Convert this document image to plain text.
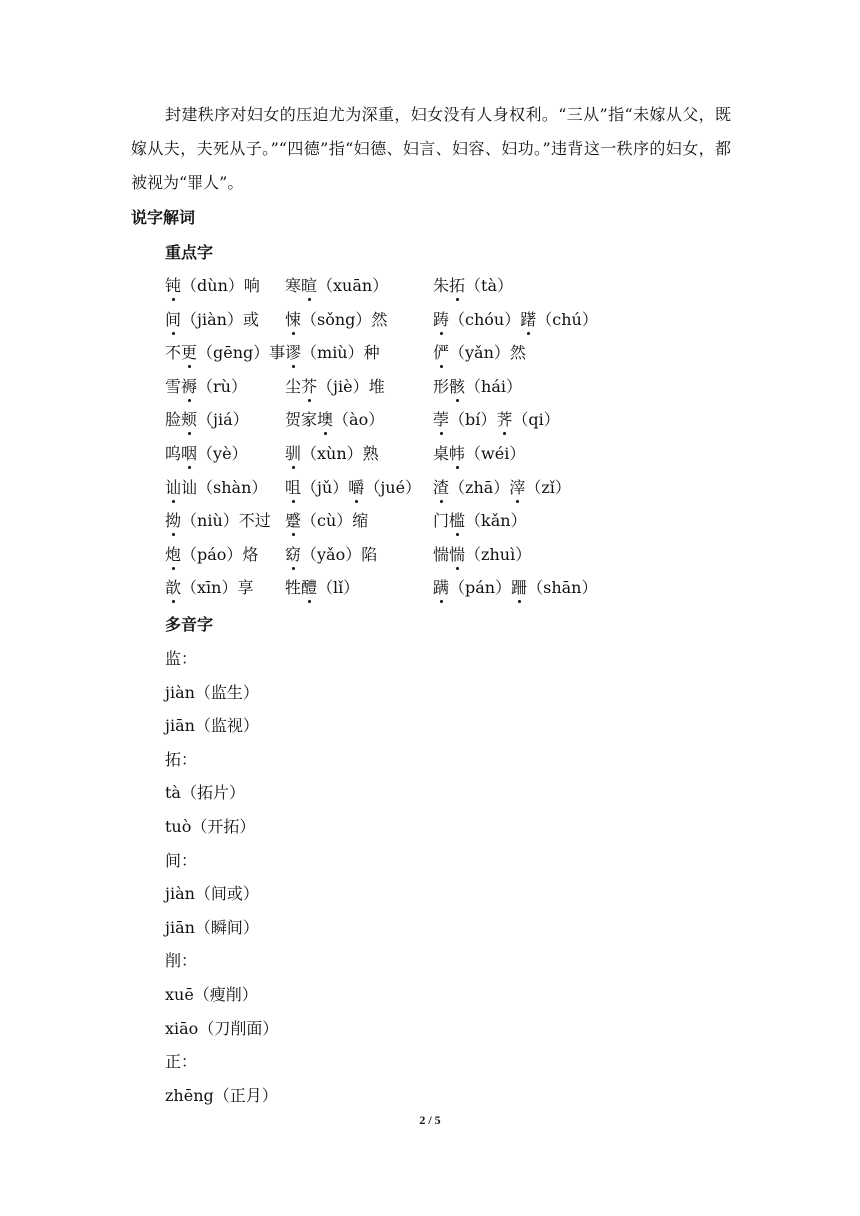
封建秩序对妇女的压迫尤为深重，妇女没有人身权利。“三从”指“未嫁从父，既嫁从夫，夫死从子。”“四德”指“妇德、妇言、妇容、妇功。”违背这一秩序的妇女，都被视为“罪人”。

说字解词
重点字
钝（dùn）响 寒暄（xuān）	朱拓（tà）
间（jiàn）或 悚（sǒng）然	踌（chóu）躇（chú）
不更（gēng）事 谬（miù）种	俨（yǎn）然
雪褥（rù） 尘芥（jiè）堆	形骸（hái）
脸颊（jiá） 贺家墺（ào）	荸（bí）荠（qi）
呜咽（yè） 驯（xùn）熟	桌帏（wéi）
讪讪（shàn） 咀（jǔ）嚼（jué） 渣（zhā）滓（zǐ）
拗（niù）不过 蹙（cù）缩	门槛（kǎn）
炮（páo）烙 窈（yǎo）陷	惴惴（zhuì）
歆（xīn）享 牲醴（lǐ）	蹒（pán）跚（shān）
多音字
监：
jiàn（监生）
jiān（监视）
拓：
tà（拓片）
tuò（开拓）
间：
jiàn（间或）
jiān（瞬间）
削：
xuē（瘦削）
xiāo（刀削面）
正：
zhēng（正月）
2 / 5
